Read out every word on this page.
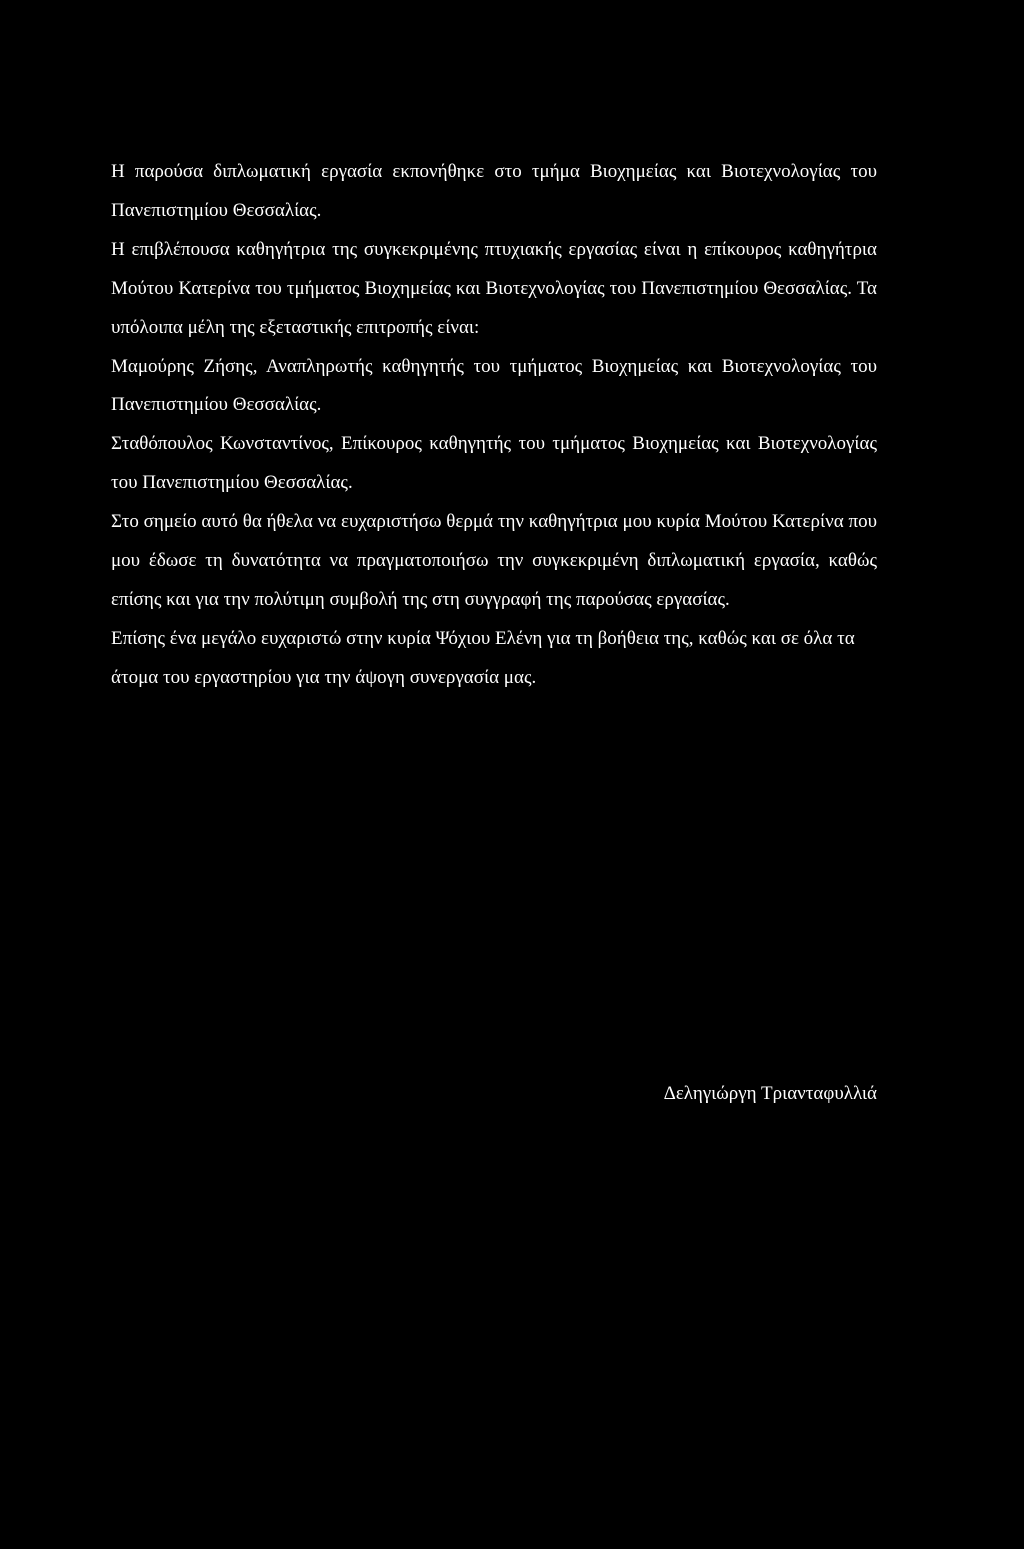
Η παρούσα διπλωματική εργασία εκπονήθηκε στο τμήμα Βιοχημείας και Βιοτεχνολογίας του Πανεπιστημίου Θεσσαλίας.

Η επιβλέπουσα καθηγήτρια της συγκεκριμένης πτυχιακής εργασίας είναι η επίκουρος καθηγήτρια Μούτου Κατερίνα του τμήματος Βιοχημείας και Βιοτεχνολογίας του Πανεπιστημίου Θεσσαλίας. Τα υπόλοιπα μέλη της εξεταστικής επιτροπής είναι:

Μαμούρης Ζήσης, Αναπληρωτής καθηγητής του τμήματος Βιοχημείας και Βιοτεχνολογίας του Πανεπιστημίου Θεσσαλίας.

Σταθόπουλος Κωνσταντίνος, Επίκουρος καθηγητής του τμήματος Βιοχημείας και Βιοτεχνολογίας του Πανεπιστημίου Θεσσαλίας.

Στο σημείο αυτό θα ήθελα να ευχαριστήσω θερμά την καθηγήτρια μου κυρία Μούτου Κατερίνα που μου έδωσε τη δυνατότητα να πραγματοποιήσω την συγκεκριμένη διπλωματική εργασία, καθώς επίσης και για την πολύτιμη συμβολή της στη συγγραφή της παρούσας εργασίας.

Επίσης ένα μεγάλο ευχαριστώ στην κυρία Ψόχιου Ελένη για τη βοήθεια της, καθώς και σε όλα τα άτομα του εργαστηρίου για την άψογη συνεργασία μας.

Δεληγιώργη Τριανταφυλλιά
